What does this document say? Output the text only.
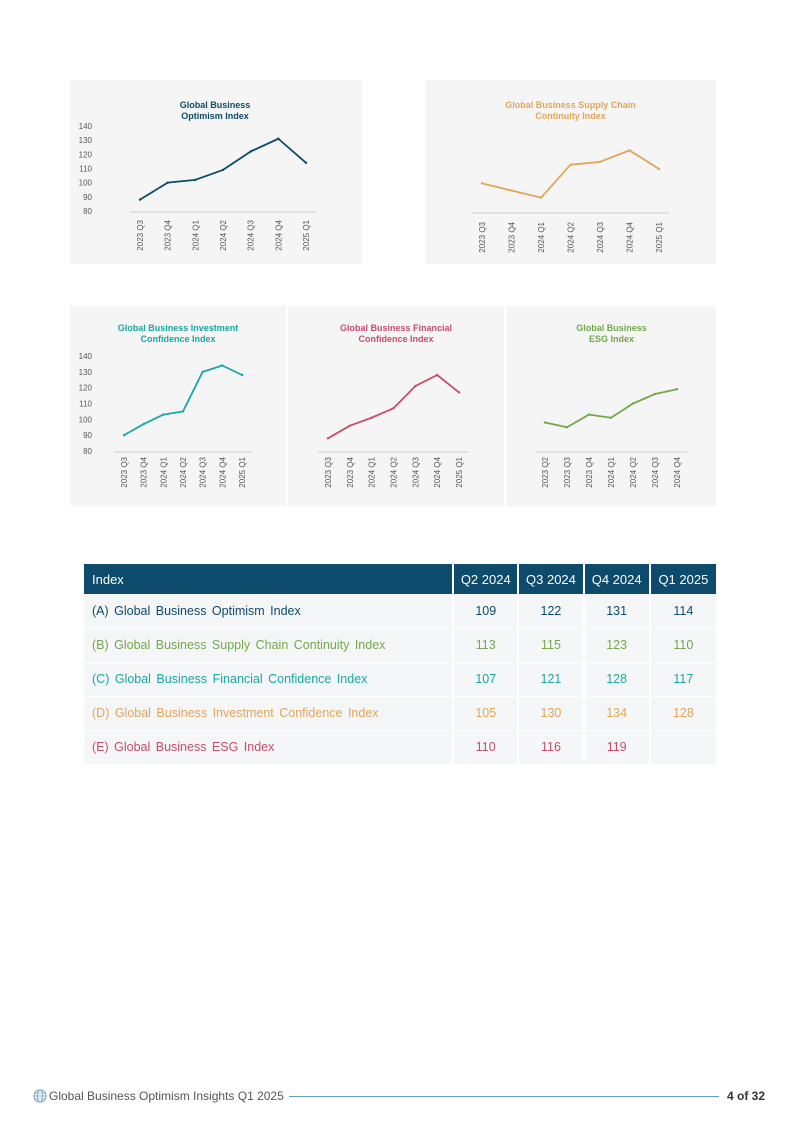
Global Business
Optimism Index
80
90
100
110
120
130
140
2023 Q3 2023 Q4 2024 Q1 2024 Q2 2024 Q3 2024 Q4 2025 Q1
Global Business Supply Chain
Continuity Index
2023 Q3	2023 Q4	2024 Q1	2024 Q2	2024 Q3	2024 Q4	2025 Q1
Global Business Investment
Confidence Index
80
90
100
110
120
130
140
2023 Q3 2023 Q4 2024 Q1 2024 Q2 2024 Q3 2024 Q4 2025 Q1
Global Business Financial
Confidence Index
2023 Q3 2023 Q4 2024 Q1 2024 Q2 2024 Q3 2024 Q4 2025 Q1
Global Business
ESG Index
2023 Q2 2023 Q3 2023 Q4 2024 Q1 2024 Q2 2024 Q3 2024 Q4
Index	Q2 2024	Q3 2024	Q4 2024	Q1 2025
(A) Global Business Optimism Index	109	122	131	114
(B) Global Business Supply Chain Continuity Index	113	115	123	110
(C) Global Business Financial Confidence Index	107	121	128	117
(D) Global Business Investment Confidence Index	105	130	134	128
(E) Global Business ESG Index	110	116	119	
Global Business Optimism Insights Q1 2025	4 of 32
